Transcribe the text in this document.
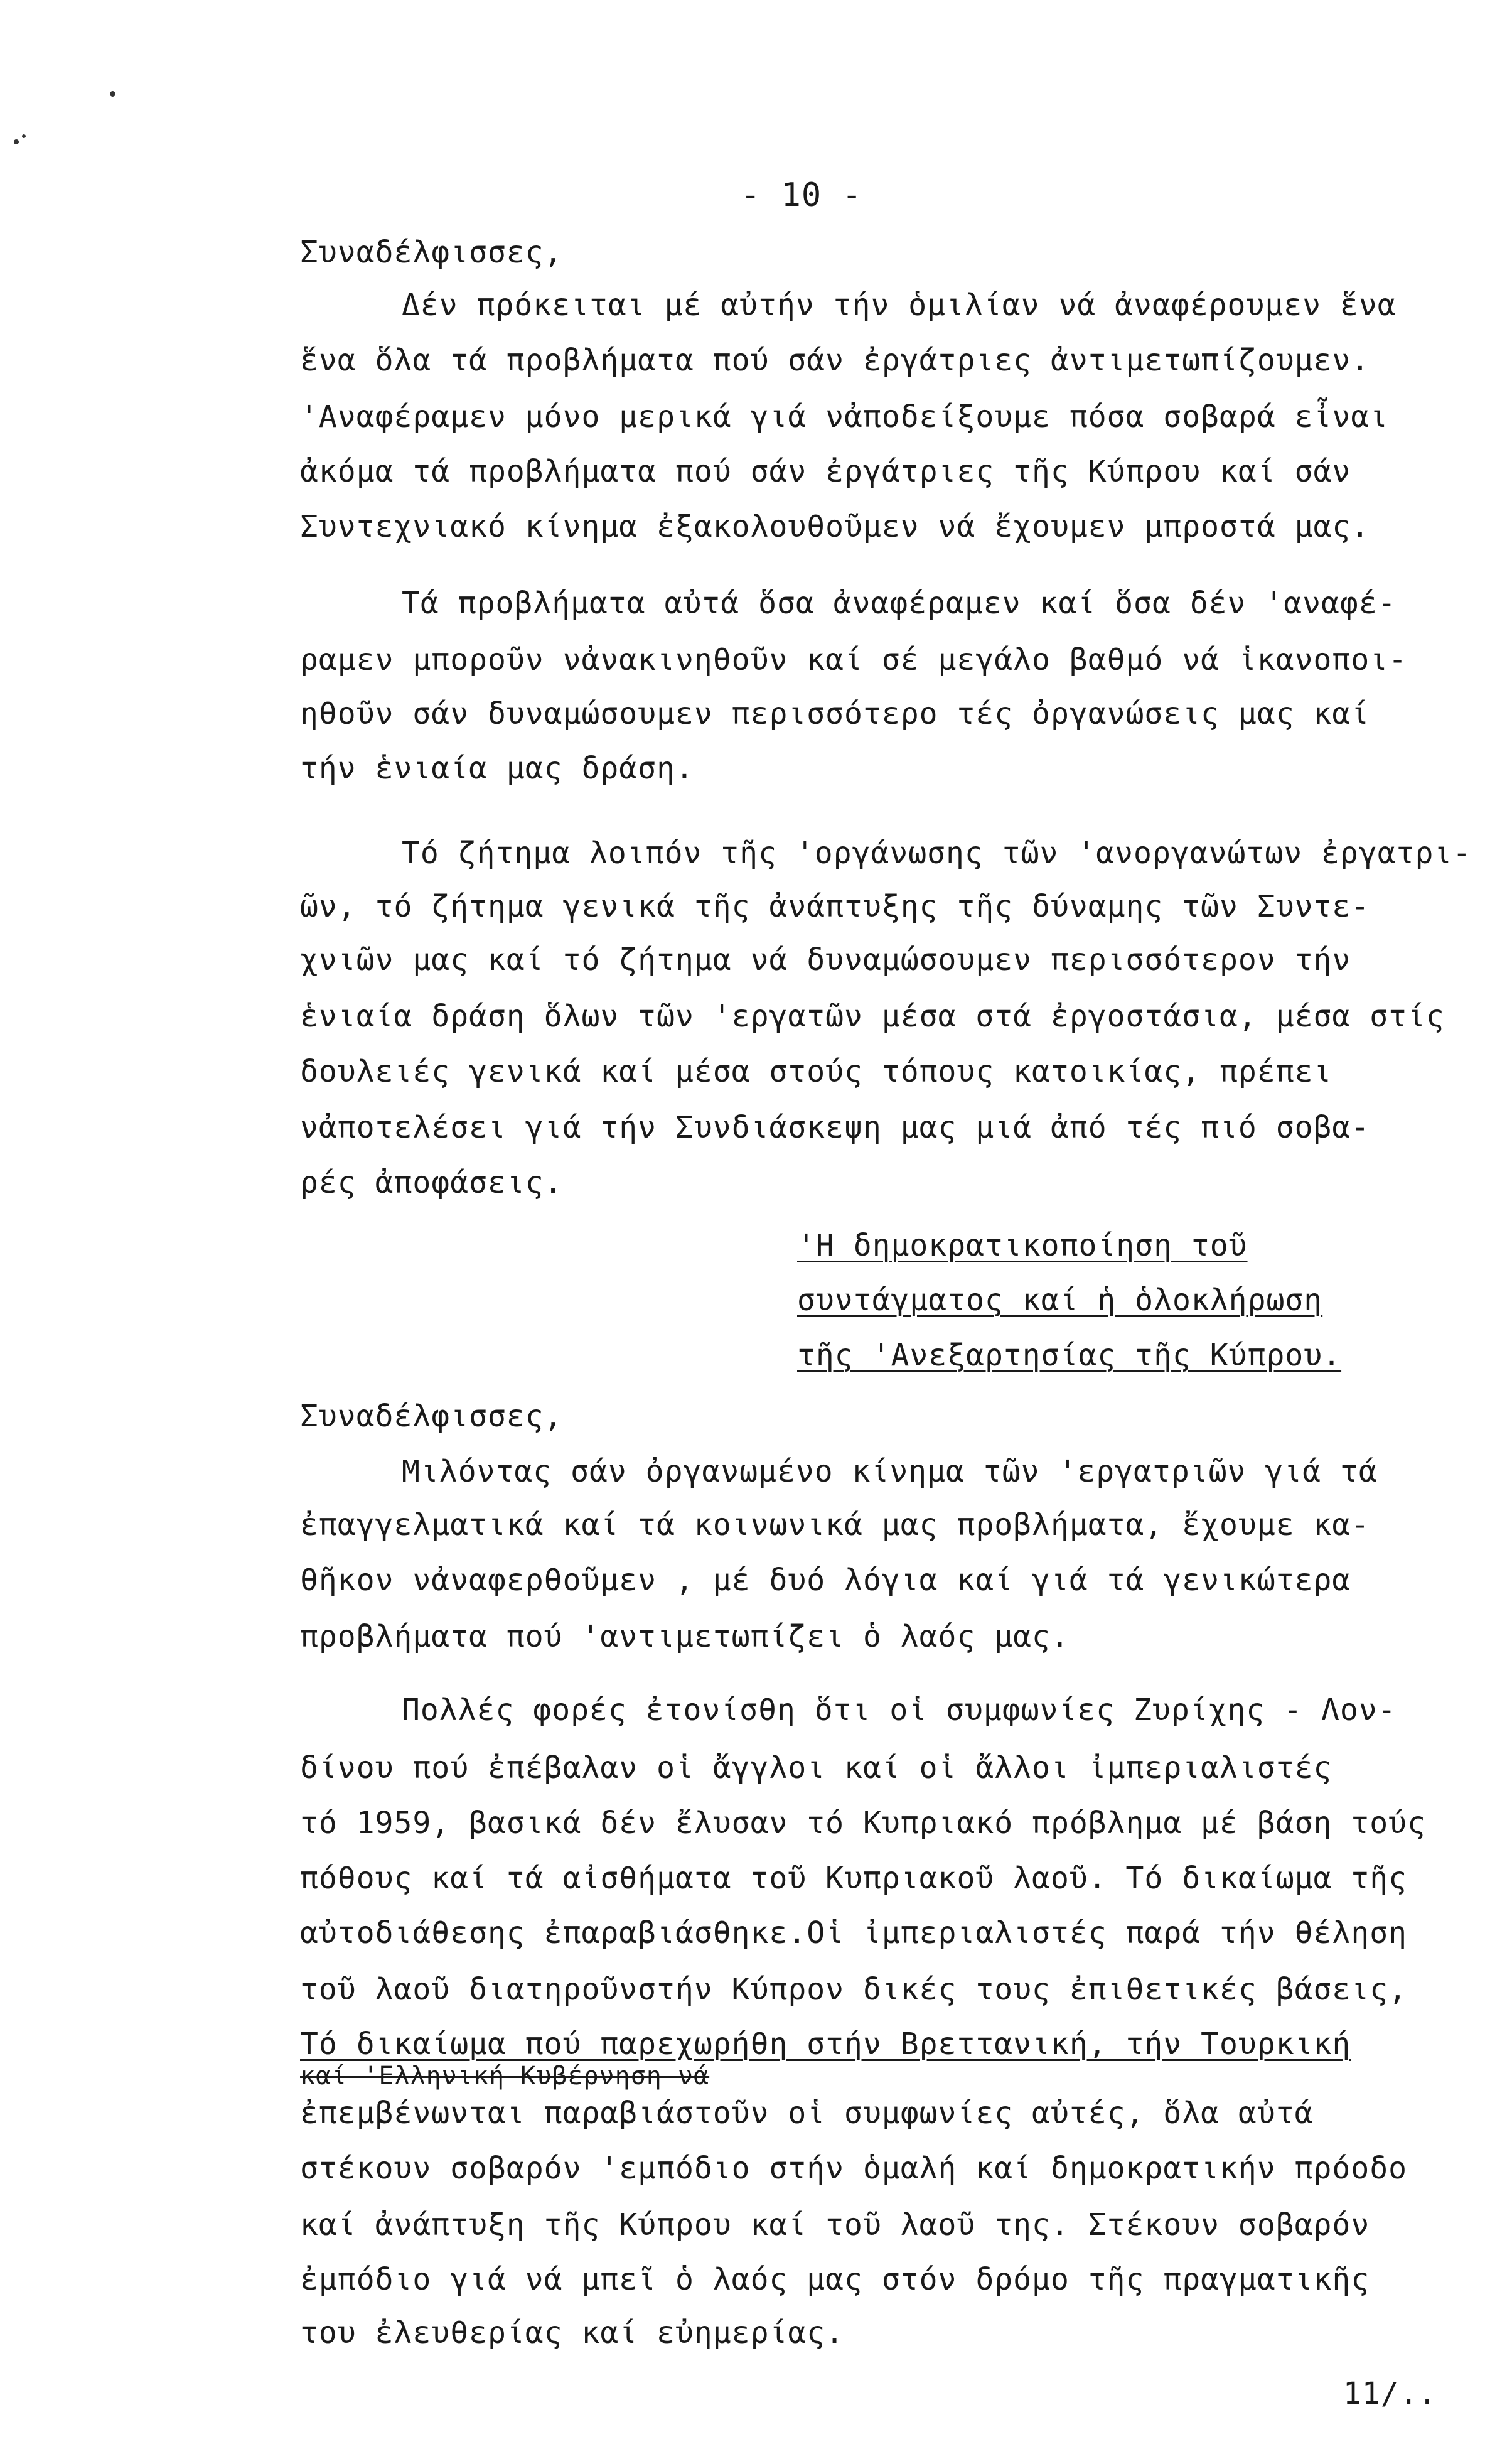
- 10 -
Συναδέλφισσες,
Δέν πρόκειται μέ αὐτήν τήν ὁμιλίαν νά ἀναφέρουμεν ἕνα
ἕνα ὅλα τά προβλήματα πού σάν ἐργάτριες ἀντιμετωπίζουμεν.
'Αναφέραμεν μόνο μερικά γιά νἀποδείξουμε πόσα σοβαρά εἶναι
ἀκόμα τά προβλήματα πού σάν ἐργάτριες τῆς Κύπρου καί σάν
Συντεχνιακό κίνημα ἐξακολουθοῦμεν νά ἔχουμεν μπροστά μας.
Τά προβλήματα αὐτά ὅσα ἀναφέραμεν καί ὅσα δέν 'αναφέ-
ραμεν μποροῦν νἀνακινηθοῦν καί σέ μεγάλο βαθμό νά ἱκανοποι-
ηθοῦν σάν δυναμώσουμεν περισσότερο τές ὀργανώσεις μας καί
τήν ἑνιαία μας δράση.
Τό ζήτημα λοιπόν τῆς 'οργάνωσης τῶν 'ανοργανώτων ἐργατρι-
ῶν, τό ζήτημα γενικά τῆς ἀνάπτυξης τῆς δύναμης τῶν Συντε-
χνιῶν μας καί τό ζήτημα νά δυναμώσουμεν περισσότερον τήν
ἑνιαία δράση ὅλων τῶν 'εργατῶν μέσα στά ἐργοστάσια, μέσα στίς
δουλειές γενικά καί μέσα στούς τόπους κατοικίας, πρέπει
νἀποτελέσει γιά τήν Συνδιάσκεψη μας μιά ἀπό τές πιό σοβα-
ρές ἀποφάσεις.
'Η δημοκρατικοποίηση τοῦ
συντάγματος καί ἡ ὁλοκλήρωση
τῆς 'Ανεξαρτησίας τῆς Κύπρου.
Συναδέλφισσες,
Μιλόντας σάν ὀργανωμένο κίνημα τῶν 'εργατριῶν γιά τά
ἐπαγγελματικά καί τά κοινωνικά μας προβλήματα, ἔχουμε κα-
θῆκον νἀναφερθοῦμεν , μέ δυό λόγια καί γιά τά γενικώτερα
προβλήματα πού 'αντιμετωπίζει ὁ λαός μας.
Πολλές φορές ἐτονίσθη ὅτι οἱ συμφωνίες Ζυρίχης - Λον-
δίνου πού ἐπέβαλαν οἱ ἄγγλοι καί οἱ ἄλλοι ἰμπεριαλιστές
τό 1959, βασικά δέν ἔλυσαν τό Κυπριακό πρόβλημα μέ βάση τούς
πόθους καί τά αἰσθήματα τοῦ Κυπριακοῦ λαοῦ. Τό δικαίωμα τῆς
αὐτοδιάθεσης ἐπαραβιάσθηκε.Οἱ ἰμπεριαλιστές παρά τήν θέληση
τοῦ λαοῦ διατηροῦνστήν Κύπρον δικές τους ἐπιθετικές βάσεις,
Τό δικαίωμα πού παρεχωρήθη στήν Βρεττανική, τήν Τουρκική
καί 'Ελληνική Κυβέρνηση νά
ἐπεμβένωνται παραβιάστοῦν οἱ συμφωνίες αὐτές, ὅλα αὐτά
στέκουν σοβαρόν 'εμπόδιο στήν ὁμαλή καί δημοκρατικήν πρόοδο
καί ἀνάπτυξη τῆς Κύπρου καί τοῦ λαοῦ της. Στέκουν σοβαρόν
ἐμπόδιο γιά νά μπεῖ ὁ λαός μας στόν δρόμο τῆς πραγματικῆς
του ἐλευθερίας καί εὐημερίας.
11/..
